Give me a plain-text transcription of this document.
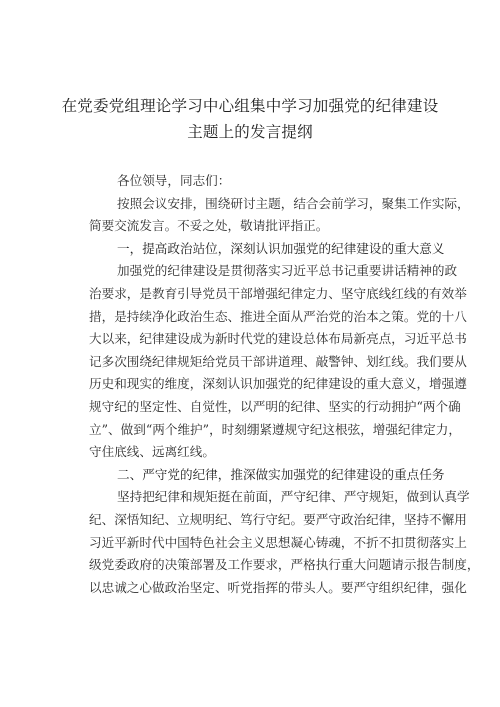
在党委党组理论学习中心组集中学习加强党的纪律建设
主题上的发言提纲
各位领导，同志们：
按照会议安排，围绕研讨主题，结合会前学习，聚集工作实际，
简要交流发言。不妥之处，敬请批评指正。
一，提高政治站位，深刻认识加强党的纪律建设的重大意义
加强党的纪律建设是贯彻落实习近平总书记重要讲话精神的政
治要求，是教育引导党员干部增强纪律定力、坚守底线红线的有效举
措，是持续净化政治生态、推进全面从严治党的治本之策。党的十八
大以来，纪律建设成为新时代党的建设总体布局新亮点，习近平总书
记多次围绕纪律规矩给党员干部讲道理、敲警钟、划红线。我们要从
历史和现实的维度，深刻认识加强党的纪律建设的重大意义，增强遵
规守纪的坚定性、自觉性，以严明的纪律、坚实的行动拥护“两个确
立”、做到“两个维护”，时刻绷紧遵规守纪这根弦，增强纪律定力，
守住底线、远离红线。
二、严守党的纪律，推深做实加强党的纪律建设的重点任务
坚持把纪律和规矩挺在前面，严守纪律、严守规矩，做到认真学
纪、深悟知纪、立规明纪、笃行守纪。要严守政治纪律，坚持不懈用
习近平新时代中国特色社会主义思想凝心铸魂，不折不扣贯彻落实上
级党委政府的决策部署及工作要求，严格执行重大问题请示报告制度，
以忠诚之心做政治坚定、听党指挥的带头人。要严守组织纪律，强化
